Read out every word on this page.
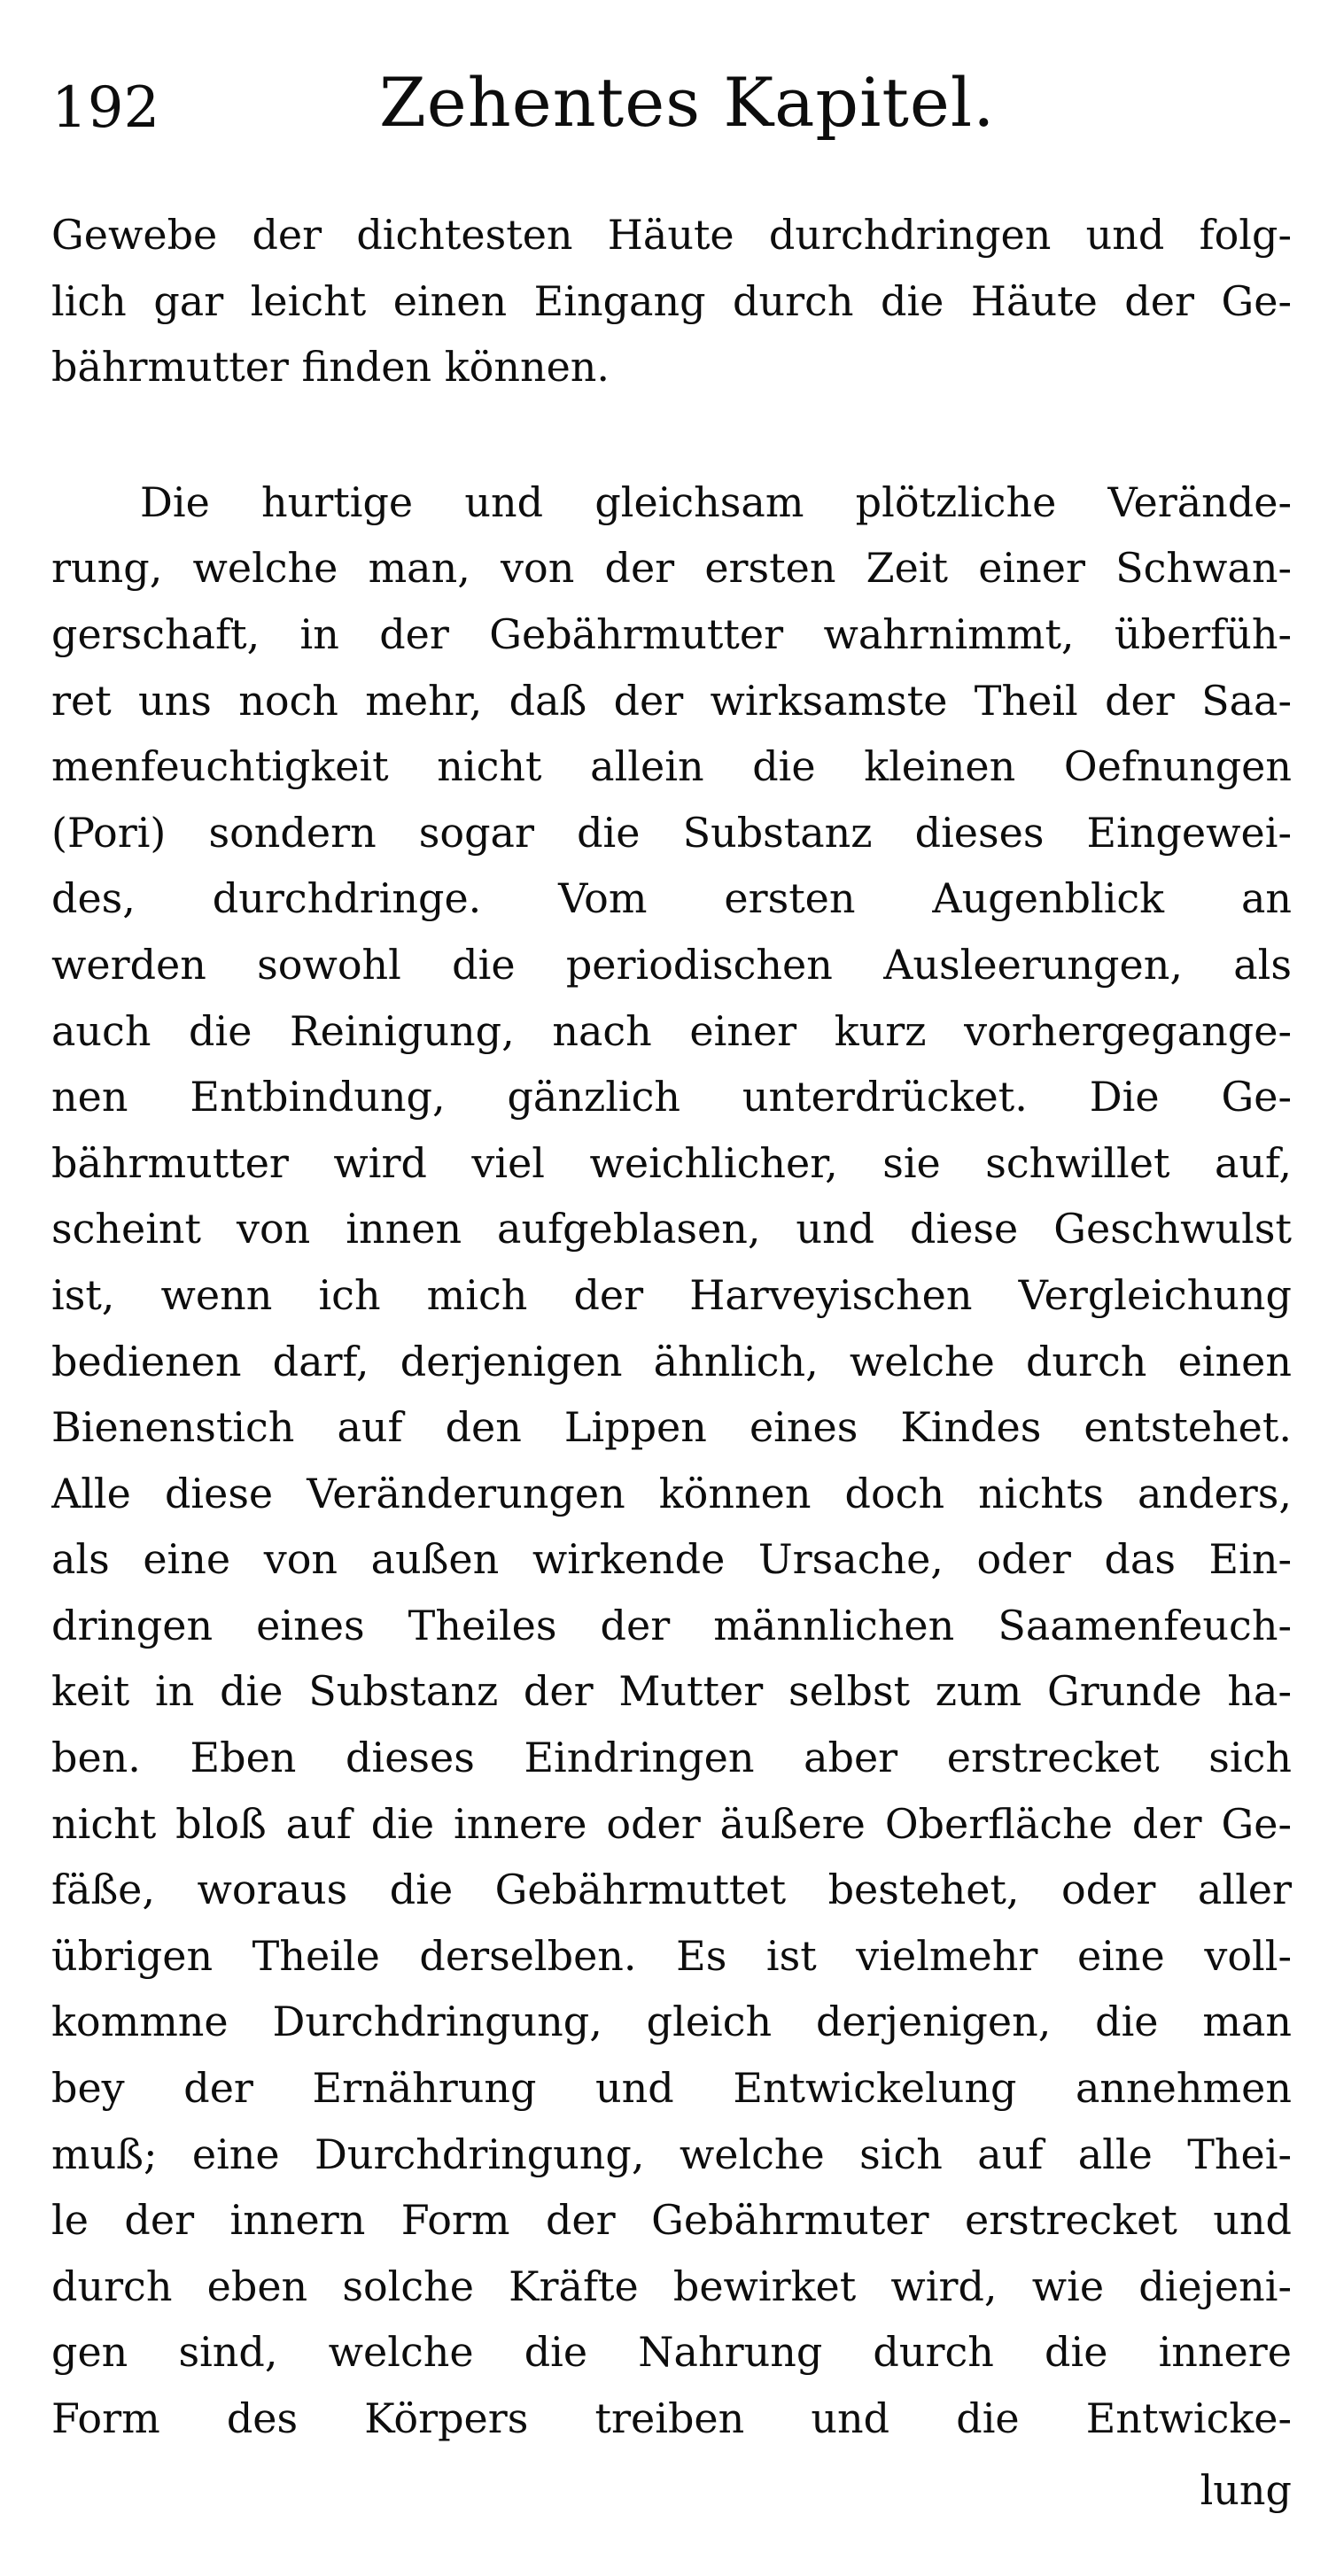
192	Zehentes Kapitel.
Gewebe der dichtesten Häute durchdringen und folg-
lich gar leicht einen Eingang durch die Häute der Ge-
bährmutter finden können.
Die hurtige und gleichsam plötzliche Verände-
rung, welche man, von der ersten Zeit einer Schwan-
gerschaft, in der Gebährmutter wahrnimmt, überfüh-
ret uns noch mehr, daß der wirksamste Theil der Saa-
menfeuchtigkeit nicht allein die kleinen Oefnungen
(Pori) sondern sogar die Substanz dieses Eingewei-
des, durchdringe. Vom ersten Augenblick an
werden sowohl die periodischen Ausleerungen, als
auch die Reinigung, nach einer kurz vorhergegange-
nen Entbindung, gänzlich unterdrücket. Die Ge-
bährmutter wird viel weichlicher, sie schwillet auf,
scheint von innen aufgeblasen, und diese Geschwulst
ist, wenn ich mich der Harveyischen Vergleichung
bedienen darf, derjenigen ähnlich, welche durch einen
Bienenstich auf den Lippen eines Kindes entstehet.
Alle diese Veränderungen können doch nichts anders,
als eine von außen wirkende Ursache, oder das Ein-
dringen eines Theiles der männlichen Saamenfeuch-
keit in die Substanz der Mutter selbst zum Grunde ha-
ben. Eben dieses Eindringen aber erstrecket sich
nicht bloß auf die innere oder äußere Oberfläche der Ge-
fäße, woraus die Gebährmuttet bestehet, oder aller
übrigen Theile derselben. Es ist vielmehr eine voll-
kommne Durchdringung, gleich derjenigen, die man
bey der Ernährung und Entwickelung annehmen
muß; eine Durchdringung, welche sich auf alle Thei-
le der innern Form der Gebährmuter erstrecket und
durch eben solche Kräfte bewirket wird, wie diejeni-
gen sind, welche die Nahrung durch die innere
Form des Körpers treiben und die Entwicke-
lung
